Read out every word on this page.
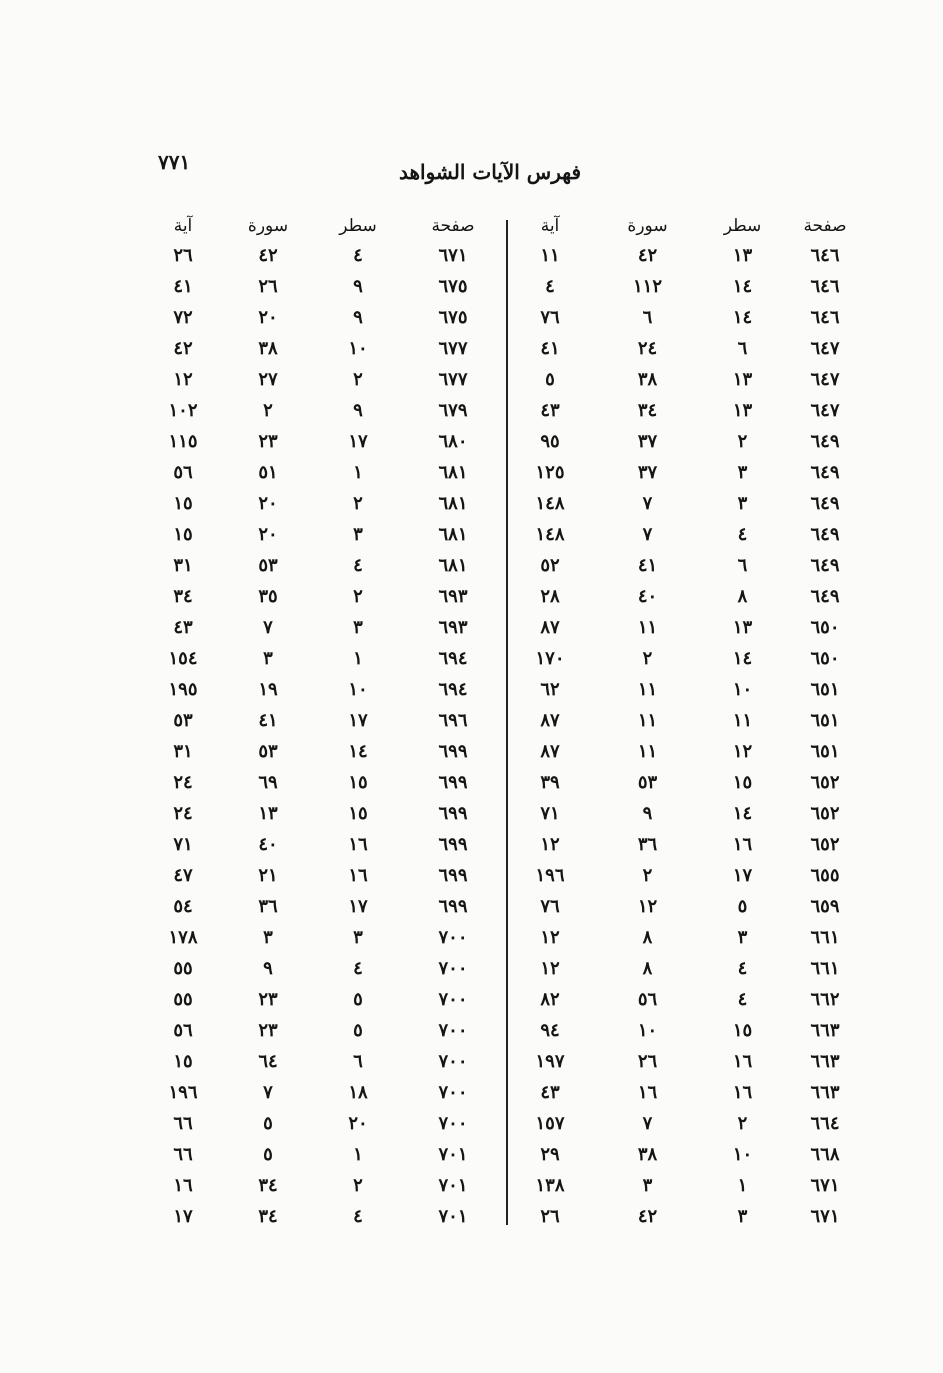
٧٧١	فهرس الآيات الشواهد
صفحة	سطر	سورة	آية
٦٤٦	١٣	٤٢	١١
٦٤٦	١٤	١١٢	٤
٦٤٦	١٤	٦	٧٦
٦٤٧	٦	٢٤	٤١
٦٤٧	١٣	٣٨	٥
٦٤٧	١٣	٣٤	٤٣
٦٤٩	٢	٣٧	٩٥
٦٤٩	٣	٣٧	١٢٥
٦٤٩	٣	٧	١٤٨
٦٤٩	٤	٧	١٤٨
٦٤٩	٦	٤١	٥٢
٦٤٩	٨	٤٠	٢٨
٦٥٠	١٣	١١	٨٧
٦٥٠	١٤	٢	١٧٠
٦٥١	١٠	١١	٦٢
٦٥١	١١	١١	٨٧
٦٥١	١٢	١١	٨٧
٦٥٢	١٥	٥٣	٣٩
٦٥٢	١٤	٩	٧١
٦٥٢	١٦	٣٦	١٢
٦٥٥	١٧	٢	١٩٦
٦٥٩	٥	١٢	٧٦
٦٦١	٣	٨	١٢
٦٦١	٤	٨	١٢
٦٦٢	٤	٥٦	٨٢
٦٦٣	١٥	١٠	٩٤
٦٦٣	١٦	٢٦	١٩٧
٦٦٣	١٦	١٦	٤٣
٦٦٤	٢	٧	١٥٧
٦٦٨	١٠	٣٨	٢٩
٦٧١	١	٣	١٣٨
٦٧١	٣	٤٢	٢٦
صفحة	سطر	سورة	آية
٦٧١	٤	٤٢	٢٦
٦٧٥	٩	٢٦	٤١
٦٧٥	٩	٢٠	٧٢
٦٧٧	١٠	٣٨	٤٢
٦٧٧	٢	٢٧	١٢
٦٧٩	٩	٢	١٠٢
٦٨٠	١٧	٢٣	١١٥
٦٨١	١	٥١	٥٦
٦٨١	٢	٢٠	١٥
٦٨١	٣	٢٠	١٥
٦٨١	٤	٥٣	٣١
٦٩٣	٢	٣٥	٣٤
٦٩٣	٣	٧	٤٣
٦٩٤	١	٣	١٥٤
٦٩٤	١٠	١٩	١٩٥
٦٩٦	١٧	٤١	٥٣
٦٩٩	١٤	٥٣	٣١
٦٩٩	١٥	٦٩	٢٤
٦٩٩	١٥	١٣	٢٤
٦٩٩	١٦	٤٠	٧١
٦٩٩	١٦	٢١	٤٧
٦٩٩	١٧	٣٦	٥٤
٧٠٠	٣	٣	١٧٨
٧٠٠	٤	٩	٥٥
٧٠٠	٥	٢٣	٥٥
٧٠٠	٥	٢٣	٥٦
٧٠٠	٦	٦٤	١٥
٧٠٠	١٨	٧	١٩٦
٧٠٠	٢٠	٥	٦٦
٧٠١	١	٥	٦٦
٧٠١	٢	٣٤	١٦
٧٠١	٤	٣٤	١٧
